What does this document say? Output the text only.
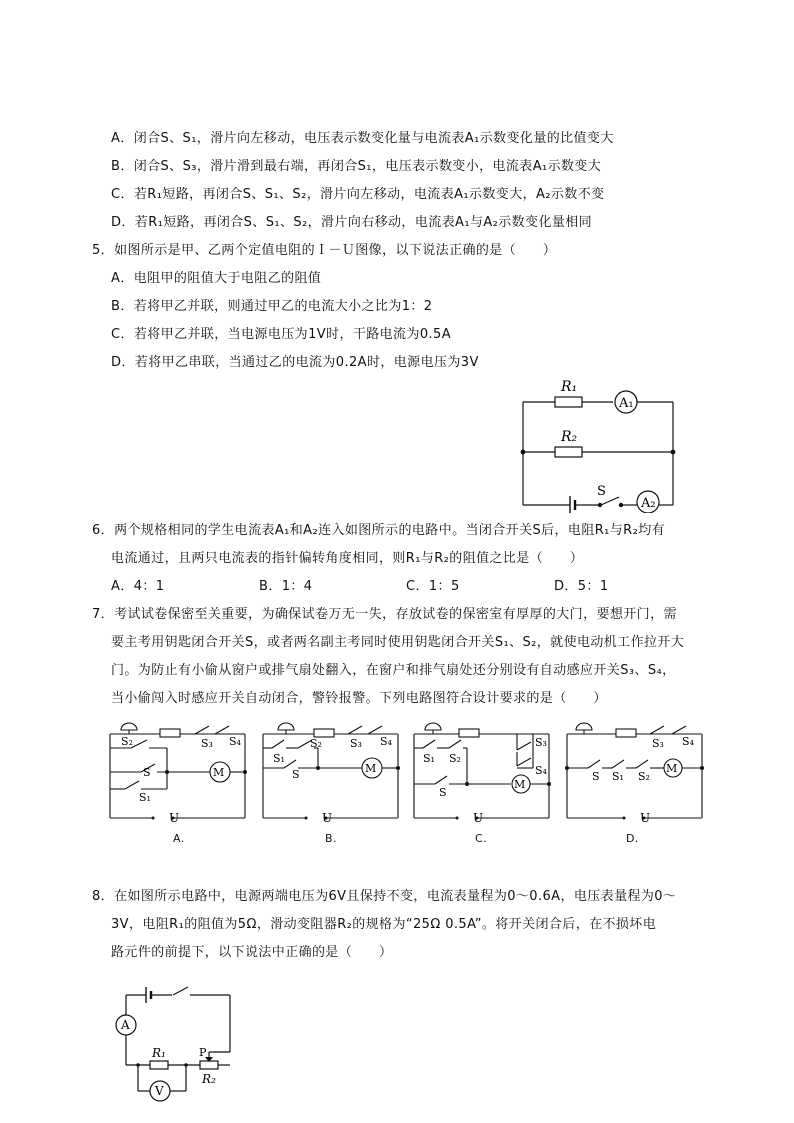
A．闭合S、S₁，滑片向左移动，电压表示数变化量与电流表A₁示数变化量的比值变大
B．闭合S、S₃，滑片滑到最右端，再闭合S₁，电压表示数变小，电流表A₁示数变大
C．若R₁短路，再闭合S、S₁、S₂，滑片向左移动，电流表A₁示数变大，A₂示数不变
D．若R₁短路，再闭合S、S₁、S₂，滑片向右移动，电流表A₁与A₂示数变化量相同
5．如图所示是甲、乙两个定值电阻的Ｉ－Ｕ图像，以下说法正确的是（　　）
A．电阻甲的阻值大于电阻乙的阻值
B．若将甲乙并联，则通过甲乙的电流大小之比为1：2
C．若将甲乙并联，当电源电压为1V时，干路电流为0.5A
D．若将甲乙串联，当通过乙的电流为0.2A时，电源电压为3V
R₁
R₂
A₁
A₂
S
6．两个规格相同的学生电流表A₁和A₂连入如图所示的电路中。当闭合开关S后，电阻R₁与R₂均有
电流通过，且两只电流表的指针偏转角度相同，则R₁与R₂的阻值之比是（　　）
A．4：1	B．1：4	C．1：5	D．5：1
7．考试试卷保密至关重要，为确保试卷万无一失，存放试卷的保密室有厚厚的大门，要想开门，需
要主考用钥匙闭合开关S，或者两名副主考同时使用钥匙闭合开关S₁、S₂，就使电动机工作拉开大
门。为防止有小偷从窗户或排气扇处翻入，在窗户和排气扇处还分别设有自动感应开关S₃、S₄，
当小偷闯入时感应开关自动闭合，警铃报警。下列电路图符合设计要求的是（　　）
M
S₂
S
S₁
S₃ S₄
U
A.
M
S₁
S₂
S
S₃ S₄
U
B.
M
S₁ S₂
S
S₃
S₄
U
C.
M
S S₁ S₂
S₃ S₄
U
D.
8．在如图所示电路中，电源两端电压为6V且保持不变，电流表量程为0～0.6A，电压表量程为0～
3V，电阻R₁的阻值为5Ω，滑动变阻器R₂的规格为“25Ω 0.5A”。将开关闭合后，在不损坏电
路元件的前提下，以下说法中正确的是（　　）
A
V
R₁
R₂
P
